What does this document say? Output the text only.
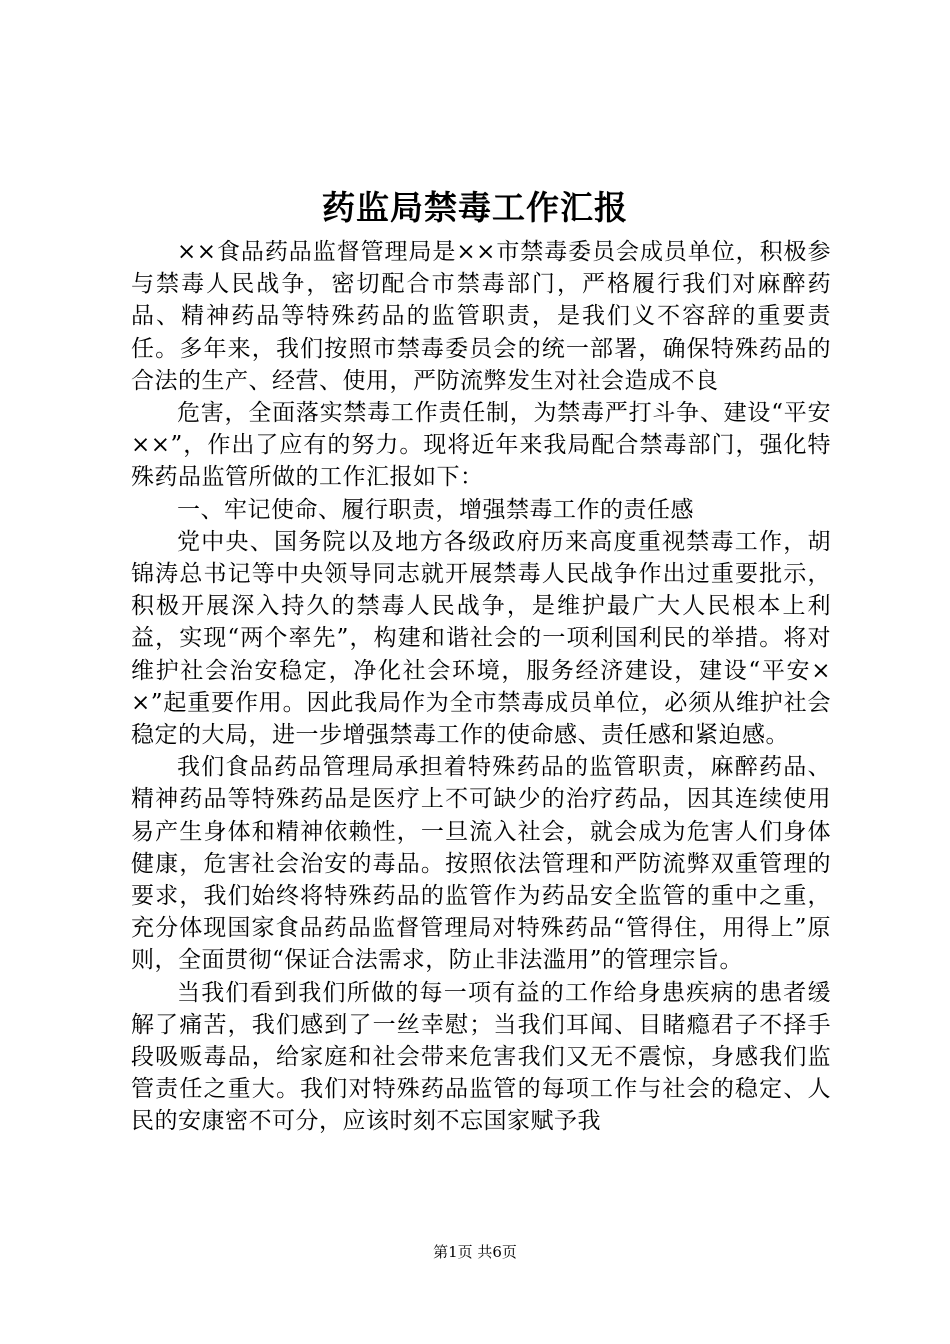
药监局禁毒工作汇报

××食品药品监督管理局是××市禁毒委员会成员单位，积极参与禁毒人民战争，密切配合市禁毒部门，严格履行我们对麻醉药品、精神药品等特殊药品的监管职责，是我们义不容辞的重要责任。多年来，我们按照市禁毒委员会的统一部署，确保特殊药品的合法的生产、经营、使用，严防流弊发生对社会造成不良

危害，全面落实禁毒工作责任制，为禁毒严打斗争、建设“平安××”，作出了应有的努力。现将近年来我局配合禁毒部门，强化特殊药品监管所做的工作汇报如下：

一、牢记使命、履行职责，增强禁毒工作的责任感

党中央、国务院以及地方各级政府历来高度重视禁毒工作，胡锦涛总书记等中央领导同志就开展禁毒人民战争作出过重要批示，积极开展深入持久的禁毒人民战争，是维护最广大人民根本上利益，实现“两个率先”，构建和谐社会的一项利国利民的举措。将对维护社会治安稳定，净化社会环境，服务经济建设，建设“平安××”起重要作用。因此我局作为全市禁毒成员单位，必须从维护社会稳定的大局，进一步增强禁毒工作的使命感、责任感和紧迫感。

我们食品药品管理局承担着特殊药品的监管职责，麻醉药品、精神药品等特殊药品是医疗上不可缺少的治疗药品，因其连续使用易产生身体和精神依赖性，一旦流入社会，就会成为危害人们身体健康，危害社会治安的毒品。按照依法管理和严防流弊双重管理的要求，我们始终将特殊药品的监管作为药品安全监管的重中之重，充分体现国家食品药品监督管理局对特殊药品“管得住，用得上”原则，全面贯彻“保证合法需求，防止非法滥用”的管理宗旨。

当我们看到我们所做的每一项有益的工作给身患疾病的患者缓解了痛苦，我们感到了一丝幸慰；当我们耳闻、目睹瘾君子不择手段吸贩毒品，给家庭和社会带来危害我们又无不震惊，身感我们监管责任之重大。我们对特殊药品监管的每项工作与社会的稳定、人民的安康密不可分，应该时刻不忘国家赋予我

第1页 共6页
